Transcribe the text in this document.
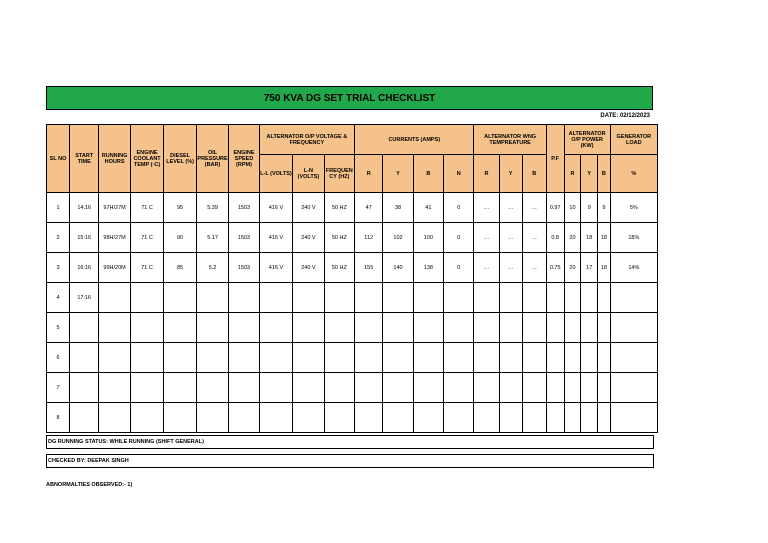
750 KVA DG SET TRIAL CHECKLIST
DATE: 02/12/2023
SL NO	START TIME	RUNNING HOURS	ENGINE COOLANT TEMP (◦C)	DIESEL LEVEL (%)	OIL PRESSURE (BAR)	ENGINE SPEED (RPM)	ALTERNATOR O/P VOLTAGE & FREQUENCY			CURRENTS (AMPS)				ALTERNATOR WNG TEMPREATURE			P.F	ALTERNATOR O/P POWER (KW)			GENERATOR LOAD
							L-L (VOLTS)	L-N (VOLTS)	FREQUEN CY (HZ)	R	Y	B	N	R	Y	B		R	Y	B	%
1	14:16	97H/27M	71 C	95	5.39	1503	416 V	240 V	50 HZ	47	38	41	0	…	…	…	0.97	10	9	9	5%
2	15:16	98H/27M	71 C	90	5.17	1503	416 V	240 V	50 HZ	112	102	100	0	…	…	…	0.8	20	18	18	18%
3	16:16	99H/20M	71 C	85	5.2	1503	416 V	240 V	50 HZ	155	140	138	0	…	…	…	0.75	20	17	18	14%
4	17:16																				
5																					
6																					
7																					
8																					
DG RUNNING STATUS: WHILE RUNNING (SHIFT GENERAL)
CHECKED BY: DEEPAK SINGH
ABNORMALTIES OBSERVED:- 1)
